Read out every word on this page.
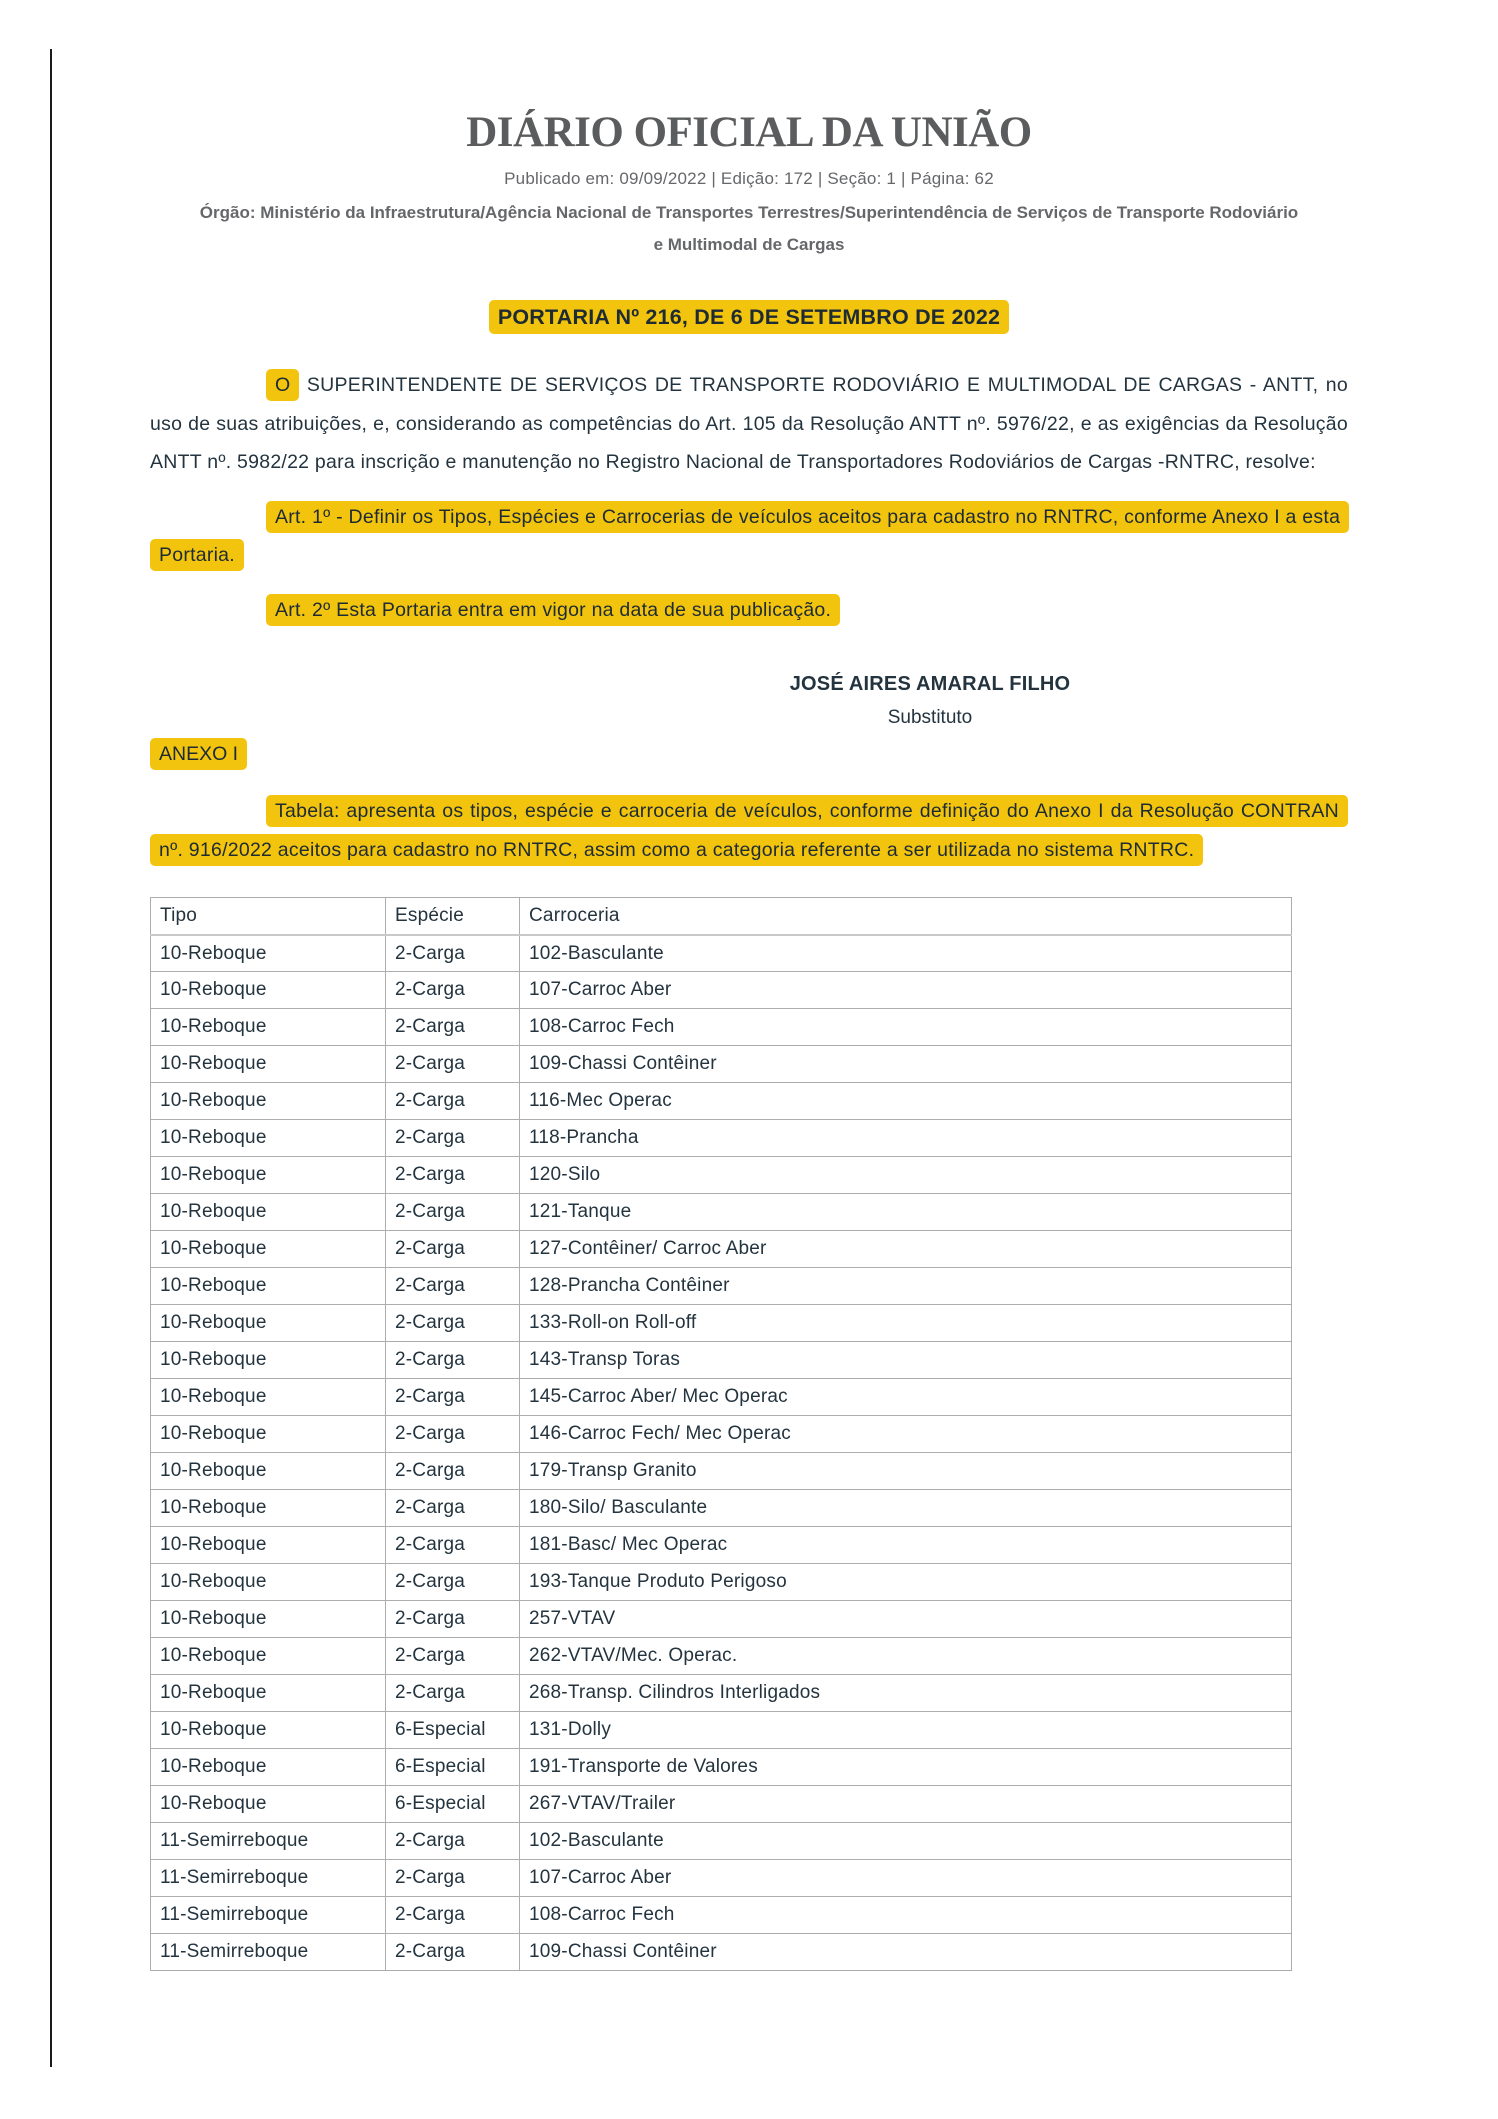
DIÁRIO OFICIAL DA UNIÃO
Publicado em: 09/09/2022 | Edição: 172 | Seção: 1 | Página: 62
Órgão: Ministério da Infraestrutura/Agência Nacional de Transportes Terrestres/Superintendência de Serviços de Transporte Rodoviário e Multimodal de Cargas
PORTARIA Nº 216, DE 6 DE SETEMBRO DE 2022

O SUPERINTENDENTE DE SERVIÇOS DE TRANSPORTE RODOVIÁRIO E MULTIMODAL DE CARGAS - ANTT, no uso de suas atribuições, e, considerando as competências do Art. 105 da Resolução ANTT nº. 5976/22, e as exigências da Resolução ANTT nº. 5982/22 para inscrição e manutenção no Registro Nacional de Transportadores Rodoviários de Cargas -RNTRC, resolve:

Art. 1º - Definir os Tipos, Espécies e Carrocerias de veículos aceitos para cadastro no RNTRC, conforme Anexo I a esta Portaria.

Art. 2º Esta Portaria entra em vigor na data de sua publicação.

JOSÉ AIRES AMARAL FILHO
Substituto
ANEXO I

Tabela: apresenta os tipos, espécie e carroceria de veículos, conforme definição do Anexo I da Resolução CONTRAN nº. 916/2022 aceitos para cadastro no RNTRC, assim como a categoria referente a ser utilizada no sistema RNTRC.

Tipo	Espécie	Carroceria
10-Reboque	2-Carga	102-Basculante
10-Reboque	2-Carga	107-Carroc Aber
10-Reboque	2-Carga	108-Carroc Fech
10-Reboque	2-Carga	109-Chassi Contêiner
10-Reboque	2-Carga	116-Mec Operac
10-Reboque	2-Carga	118-Prancha
10-Reboque	2-Carga	120-Silo
10-Reboque	2-Carga	121-Tanque
10-Reboque	2-Carga	127-Contêiner/ Carroc Aber
10-Reboque	2-Carga	128-Prancha Contêiner
10-Reboque	2-Carga	133-Roll-on Roll-off
10-Reboque	2-Carga	143-Transp Toras
10-Reboque	2-Carga	145-Carroc Aber/ Mec Operac
10-Reboque	2-Carga	146-Carroc Fech/ Mec Operac
10-Reboque	2-Carga	179-Transp Granito
10-Reboque	2-Carga	180-Silo/ Basculante
10-Reboque	2-Carga	181-Basc/ Mec Operac
10-Reboque	2-Carga	193-Tanque Produto Perigoso
10-Reboque	2-Carga	257-VTAV
10-Reboque	2-Carga	262-VTAV/Mec. Operac.
10-Reboque	2-Carga	268-Transp. Cilindros Interligados
10-Reboque	6-Especial	131-Dolly
10-Reboque	6-Especial	191-Transporte de Valores
10-Reboque	6-Especial	267-VTAV/Trailer
11-Semirreboque	2-Carga	102-Basculante
11-Semirreboque	2-Carga	107-Carroc Aber
11-Semirreboque	2-Carga	108-Carroc Fech
11-Semirreboque	2-Carga	109-Chassi Contêiner
